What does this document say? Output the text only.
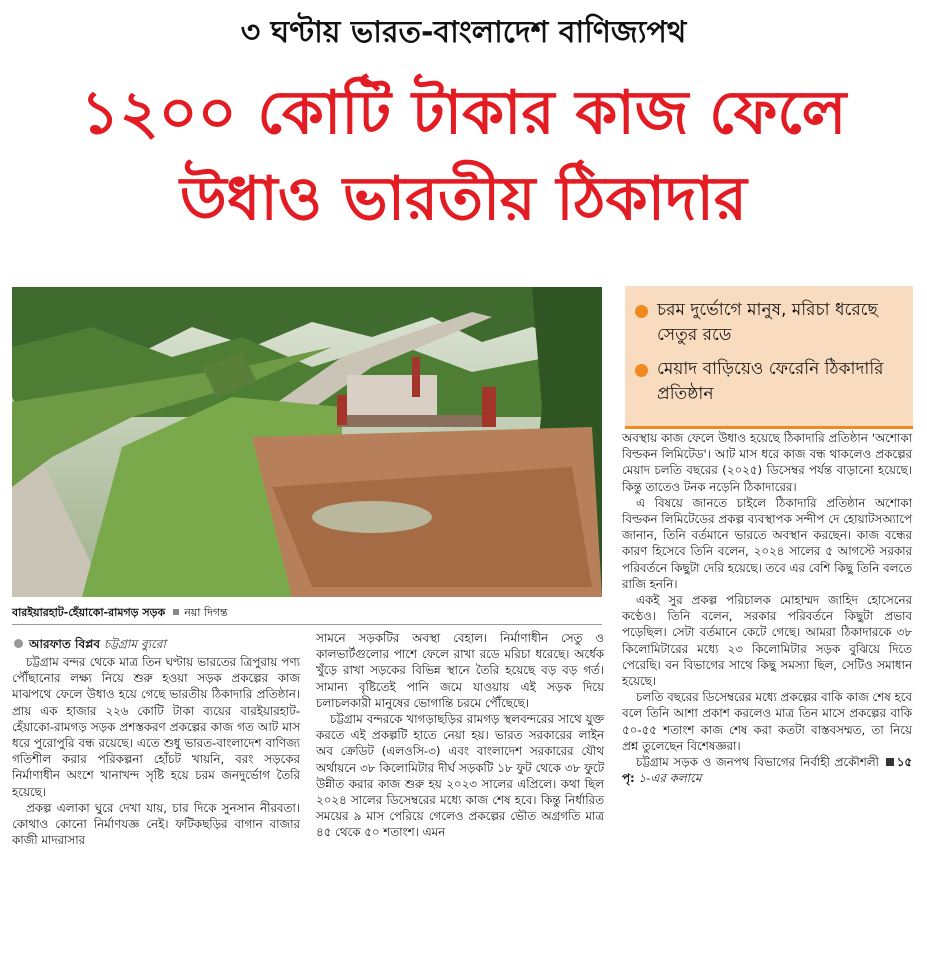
৩ ঘণ্টায় ভারত-বাংলাদেশ বাণিজ্যপথ
১২০০ কোটি টাকার কাজ ফেলে
উধাও ভারতীয় ঠিকাদার
বারইয়ারহাট-হেঁয়াকো-রামগড় সড়ক নয়া দিগন্ত
আরফাত বিপ্লব চট্টগ্রাম ব্যুরো

চট্টগ্রাম বন্দর থেকে মাত্র তিন ঘণ্টায় ভারতের ত্রিপুরায় পণ্য পৌঁছানোর লক্ষ্য নিয়ে শুরু হওয়া সড়ক প্রকল্পের কাজ মাঝপথে ফেলে উধাও হয়ে গেছে ভারতীয় ঠিকাদারি প্রতিষ্ঠান। প্রায় এক হাজার ২২৬ কোটি টাকা ব্যয়ের বারইয়ারহাট-হেঁয়াকো-রামগড় সড়ক প্রশস্তকরণ প্রকল্পের কাজ গত আট মাস ধরে পুরোপুরি বন্ধ রয়েছে। এতে শুধু ভারত-বাংলাদেশ বাণিজ্য গতিশীল করার পরিকল্পনা হোঁচট খায়নি, বরং সড়কের নির্মাণাধীন অংশে খানাখন্দ সৃষ্টি হয়ে চরম জনদুর্ভোগ তৈরি হয়েছে।

প্রকল্প এলাকা ঘুরে দেখা যায়, চার দিকে সুনসান নীরবতা। কোথাও কোনো নির্মাণযজ্ঞ নেই। ফটিকছড়ির বাগান বাজার কাজী মাদরাসার

সামনে সড়কটির অবস্থা বেহাল। নির্মাণাধীন সেতু ও কালভার্টগুলোর পাশে ফেলে রাখা রডে মরিচা ধরেছে। অর্ধেক খুঁড়ে রাখা সড়কের বিভিন্ন স্থানে তৈরি হয়েছে বড় বড় গর্ত। সামান্য বৃষ্টিতেই পানি জমে যাওয়ায় এই সড়ক দিয়ে চলাচলকারী মানুষের ভোগান্তি চরমে পৌঁছেছে।

চট্টগ্রাম বন্দরকে খাগড়াছড়ির রামগড় স্থলবন্দরের সাথে যুক্ত করতে এই প্রকল্পটি হাতে নেয়া হয়। ভারত সরকারের লাইন অব ক্রেডিট (এলওসি-৩) এবং বাংলাদেশ সরকারের যৌথ অর্থায়নে ৩৮ কিলোমিটার দীর্ঘ সড়কটি ১৮ ফুট থেকে ৩৮ ফুটে উন্নীত করার কাজ শুরু হয় ২০২৩ সালের এপ্রিলে। কথা ছিল ২০২৪ সালের ডিসেম্বরের মধ্যে কাজ শেষ হবে। কিন্তু নির্ধারিত সময়ের ৯ মাস পেরিয়ে গেলেও প্রকল্পের ভৌত অগ্রগতি মাত্র ৪৫ থেকে ৫০ শতাংশ। এমন

চরম দুর্ভোগে মানুষ, মরিচা ধরেছে সেতুর রডে
মেয়াদ বাড়িয়েও ফেরেনি ঠিকাদারি প্রতিষ্ঠান

অবস্থায় কাজ ফেলে উধাও হয়েছে ঠিকাদারি প্রতিষ্ঠান 'অশোকা বিল্ডকন লিমিটেড'। আট মাস ধরে কাজ বন্ধ থাকলেও প্রকল্পের মেয়াদ চলতি বছরের (২০২৫) ডিসেম্বর পর্যন্ত বাড়ানো হয়েছে। কিন্তু তাতেও টনক নড়েনি ঠিকাদারের।

এ বিষয়ে জানতে চাইলে ঠিকাদারি প্রতিষ্ঠান অশোকা বিল্ডকন লিমিটেডের প্রকল্প ব্যবস্থাপক সন্দীপ দে হোয়াটসঅ্যাপে জানান, তিনি বর্তমানে ভারতে অবস্থান করছেন। কাজ বন্ধের কারণ হিসেবে তিনি বলেন, ২০২৪ সালের ৫ আগস্টে সরকার পরিবর্তনে কিছুটা দেরি হয়েছে। তবে এর বেশি কিছু তিনি বলতে রাজি হননি।

একই সুর প্রকল্প পরিচালক মোহাম্মদ জাহিদ হোসেনের কণ্ঠেও। তিনি বলেন, সরকার পরিবর্তনে কিছুটা প্রভাব পড়েছিল। সেটা বর্তমানে কেটে গেছে। আমরা ঠিকাদারকে ৩৮ কিলোমিটারের মধ্যে ২৩ কিলোমিটার সড়ক বুঝিয়ে দিতে পেরেছি। বন বিভাগের সাথে কিছু সমস্যা ছিল, সেটিও সমাধান হয়েছে।

চলতি বছরের ডিসেম্বরের মধ্যে প্রকল্পের বাকি কাজ শেষ হবে বলে তিনি আশা প্রকাশ করলেও মাত্র তিন মাসে প্রকল্পের বাকি ৫০-৫৫ শতাংশ কাজ শেষ করা কতটা বাস্তবসম্মত, তা নিয়ে প্রশ্ন তুলেছেন বিশেষজ্ঞরা।

চট্টগ্রাম সড়ক ও জনপথ বিভাগের নির্বাহী প্রকৌশলী ১৫ পৃ: ১-এর কলামে
